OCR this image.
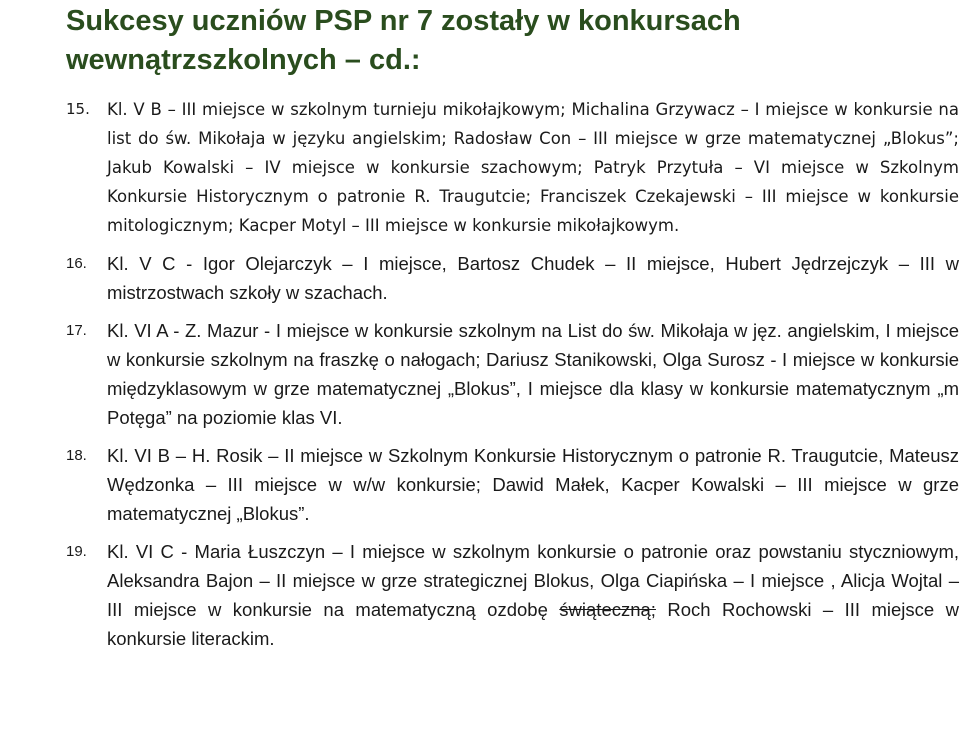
Sukcesy uczniów PSP nr 7 zostały w konkursach wewnątrzszkolnych – cd.:
15. Kl. V B – III miejsce w szkolnym turnieju mikołajkowym; Michalina Grzywacz – I miejsce w konkursie na list do św. Mikołaja w języku angielskim; Radosław Con – III miejsce w grze matematycznej „Blokus”; Jakub Kowalski – IV miejsce w konkursie szachowym; Patryk Przytuła – VI miejsce w Szkolnym Konkursie Historycznym o patronie R. Traugutcie; Franciszek Czekajewski – III miejsce w konkursie mitologicznym; Kacper Motyl – III miejsce w konkursie mikołajkowym.
16. Kl. V C - Igor Olejarczyk – I miejsce, Bartosz Chudek – II miejsce, Hubert Jędrzejczyk – III w mistrzostwach szkoły w szachach.
17. Kl. VI A - Z. Mazur - I miejsce w konkursie szkolnym na List do św. Mikołaja w jęz. angielskim, I miejsce w konkursie szkolnym na fraszkę o nałogach; Dariusz Stanikowski, Olga Surosz - I miejsce w konkursie międzyklasowym w grze matematycznej „Blokus”, I miejsce dla klasy w konkursie matematycznym „m Potęga” na poziomie klas VI.
18. Kl. VI B – H. Rosik – II miejsce w Szkolnym Konkursie Historycznym o patronie R. Traugutcie, Mateusz Wędzonka – III miejsce w w/w konkursie; Dawid Małek, Kacper Kowalski – III miejsce w grze matematycznej „Blokus”.
19. Kl. VI C - Maria Łuszczyn – I miejsce w szkolnym konkursie o patronie oraz powstaniu styczniowym, Aleksandra Bajon – II miejsce w grze strategicznej Blokus, Olga Ciapińska – I miejsce , Alicja Wojtal – III miejsce w konkursie na matematyczną ozdobę świąteczną; Roch Rochowski – III miejsce w konkursie literackim.
